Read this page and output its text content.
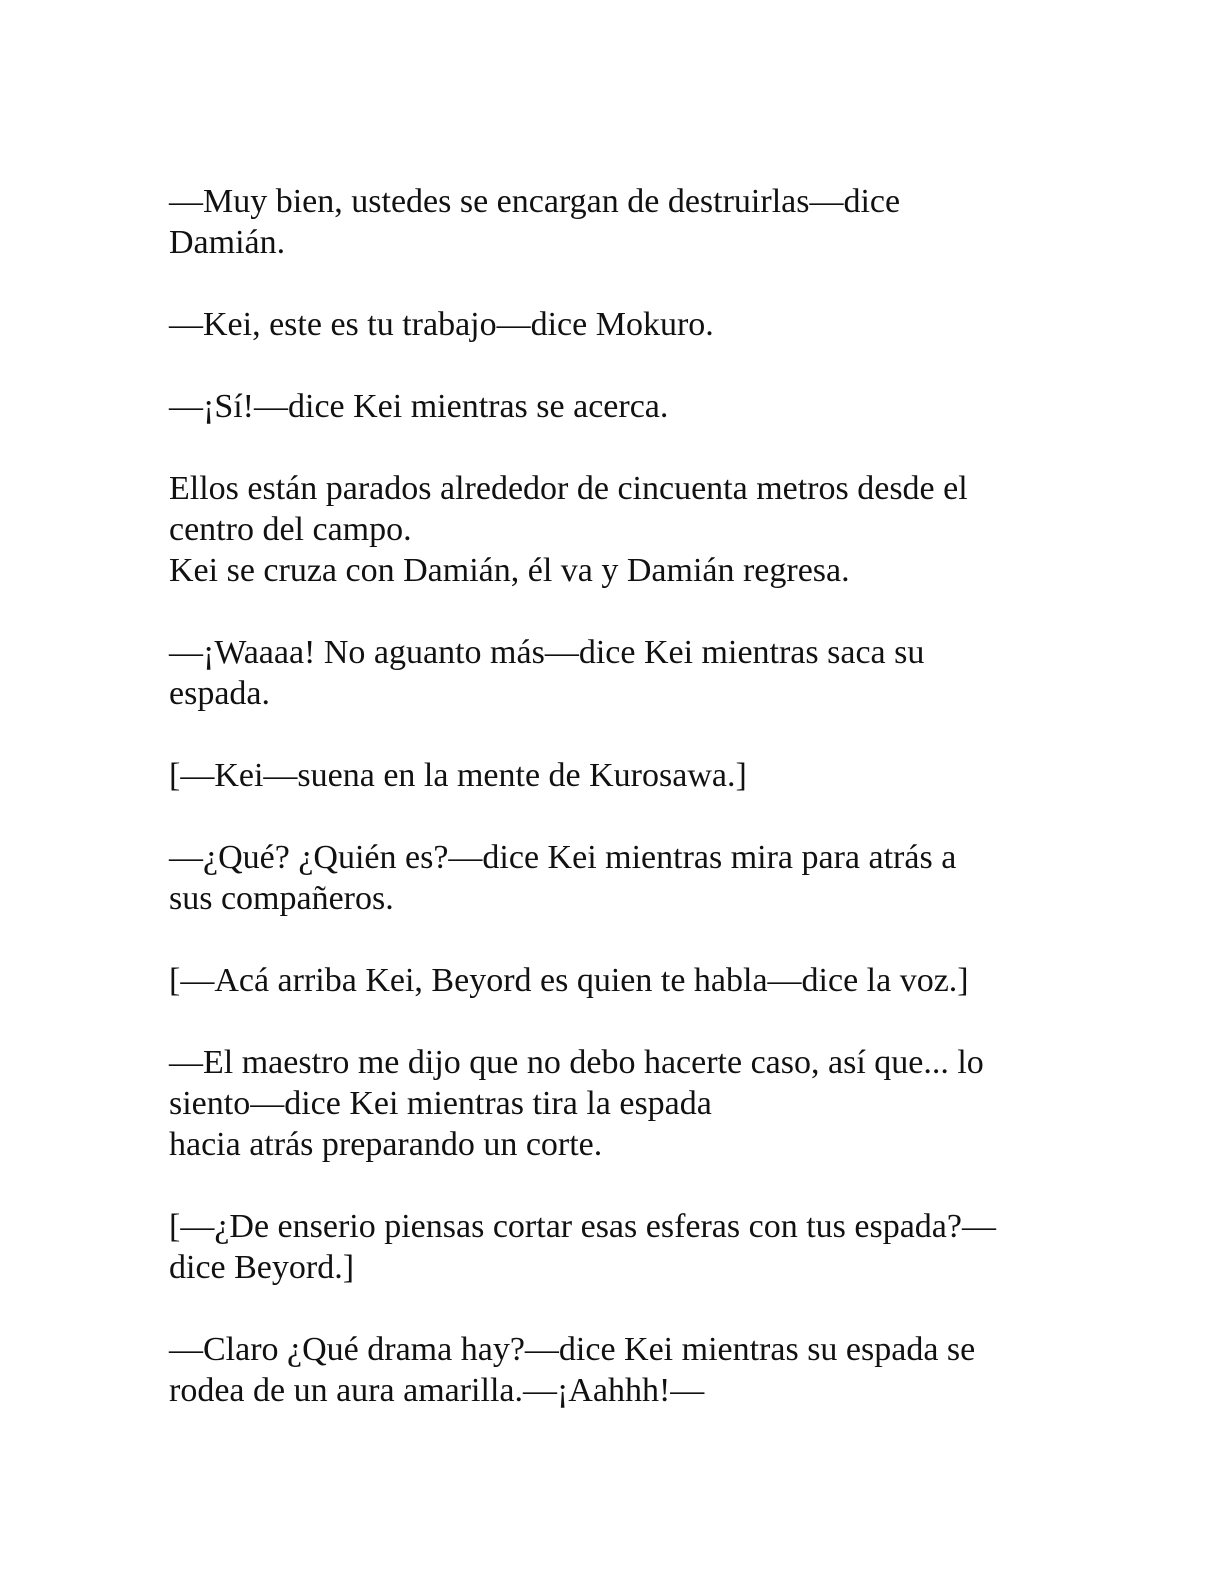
—Muy bien, ustedes se encargan de destruirlas—dice
Damián.

—Kei, este es tu trabajo—dice Mokuro.

—¡Sí!—dice Kei mientras se acerca.

Ellos están parados alrededor de cincuenta metros desde el
centro del campo.
Kei se cruza con Damián, él va y Damián regresa.

—¡Waaaa! No aguanto más—dice Kei mientras saca su
espada.

[—Kei—suena en la mente de Kurosawa.]

—¿Qué? ¿Quién es?—dice Kei mientras mira para atrás a
sus compañeros.

[—Acá arriba Kei, Beyord es quien te habla—dice la voz.]

—El maestro me dijo que no debo hacerte caso, así que... lo
siento—dice Kei mientras tira la espada
hacia atrás preparando un corte.

[—¿De enserio piensas cortar esas esferas con tus espada?—
dice Beyord.]

—Claro ¿Qué drama hay?—dice Kei mientras su espada se
rodea de un aura amarilla.—¡Aahhh!—
